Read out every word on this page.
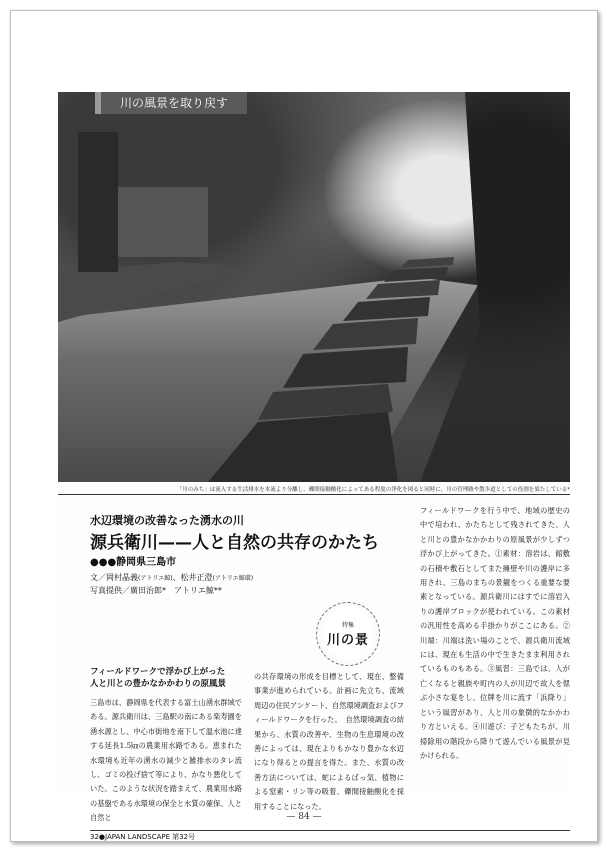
川の風景を取り戻す
「川のみち」は流入する生活排水を本流より分離し、礫間接触酸化によってある程度の浄化を図ると同時に、川の管理路や散歩道としての役割を果たしている*
水辺環境の改善なった湧水の川
源兵衛川——人と自然の共存のかたち
●●●静岡県三島市
文／岡村晶義(アトリエ鯨)、松井正澄(アトリエ鯨環)
写真提供／廣田治郎*　アトリエ鯨**
特集
川の景
フィールドワークで浮かび上がった
人と川との豊かなかかわりの原風景
三島市は、静岡県を代表する富士山湧水群域である。源兵衛川は、三島駅の南にある楽寿園を湧水源とし、中心市街地を南下して温水池に達する延長1.5㎞の農業用水路である。恵まれた水環境も近年の湧水の減少と雑排水のタレ流し、ゴミの投げ捨て等により、かなり悪化していた。このような状況を踏まえて、農業用水路の基盤である水環境の保全と水質の確保、人と自然と
の共存環境の形成を目標として、現在、整備事業が進められている。計画に先立ち、流域周辺の住民アンケート、自然環境調査およびフィールドワークを行った。　自然環境調査の結果から、水質の改善や、生物の生息環境の改善によっては、現在よりもかなり豊かな水辺になり得るとの提言を得た。また、水質の改善方法については、蛇によるばっ気、植物による窒素・リン等の吸着、礫間接触酸化を採用することになった。
フィールドワークを行う中で、地域の歴史の中で培われ、かたちとして残されてきた、人と川との豊かなかかわりの原風景が少しずつ浮かび上がってきた。①素材：溶岩は、館敷の石積や敷石としてまた擁壁や川の護岸に多用され、三島のまちの景観をつくる重要な要素となっている。源兵衛川にはすでに溶岩入りの護岸ブロックが使われている。この素材の汎用性を高める手掛かりがここにある。②川端：川端は洗い場のことで、源兵衛川流域には、現在も生活の中で生きたまま利用されているものもある。③風習：三島では、人が亡くなると親族や町内の人が川辺で故人を偲ぶ小さな宴をし、位牌を川に流す「浜降り」という風習があり、人と川の象徴的なかかわり方といえる。④川遊び：子どもたちが、川掃除用の階段から降りて遊んでいる風景が見かけられる。
32●JAPAN LANDSCAPE 第32号
— 84 —
